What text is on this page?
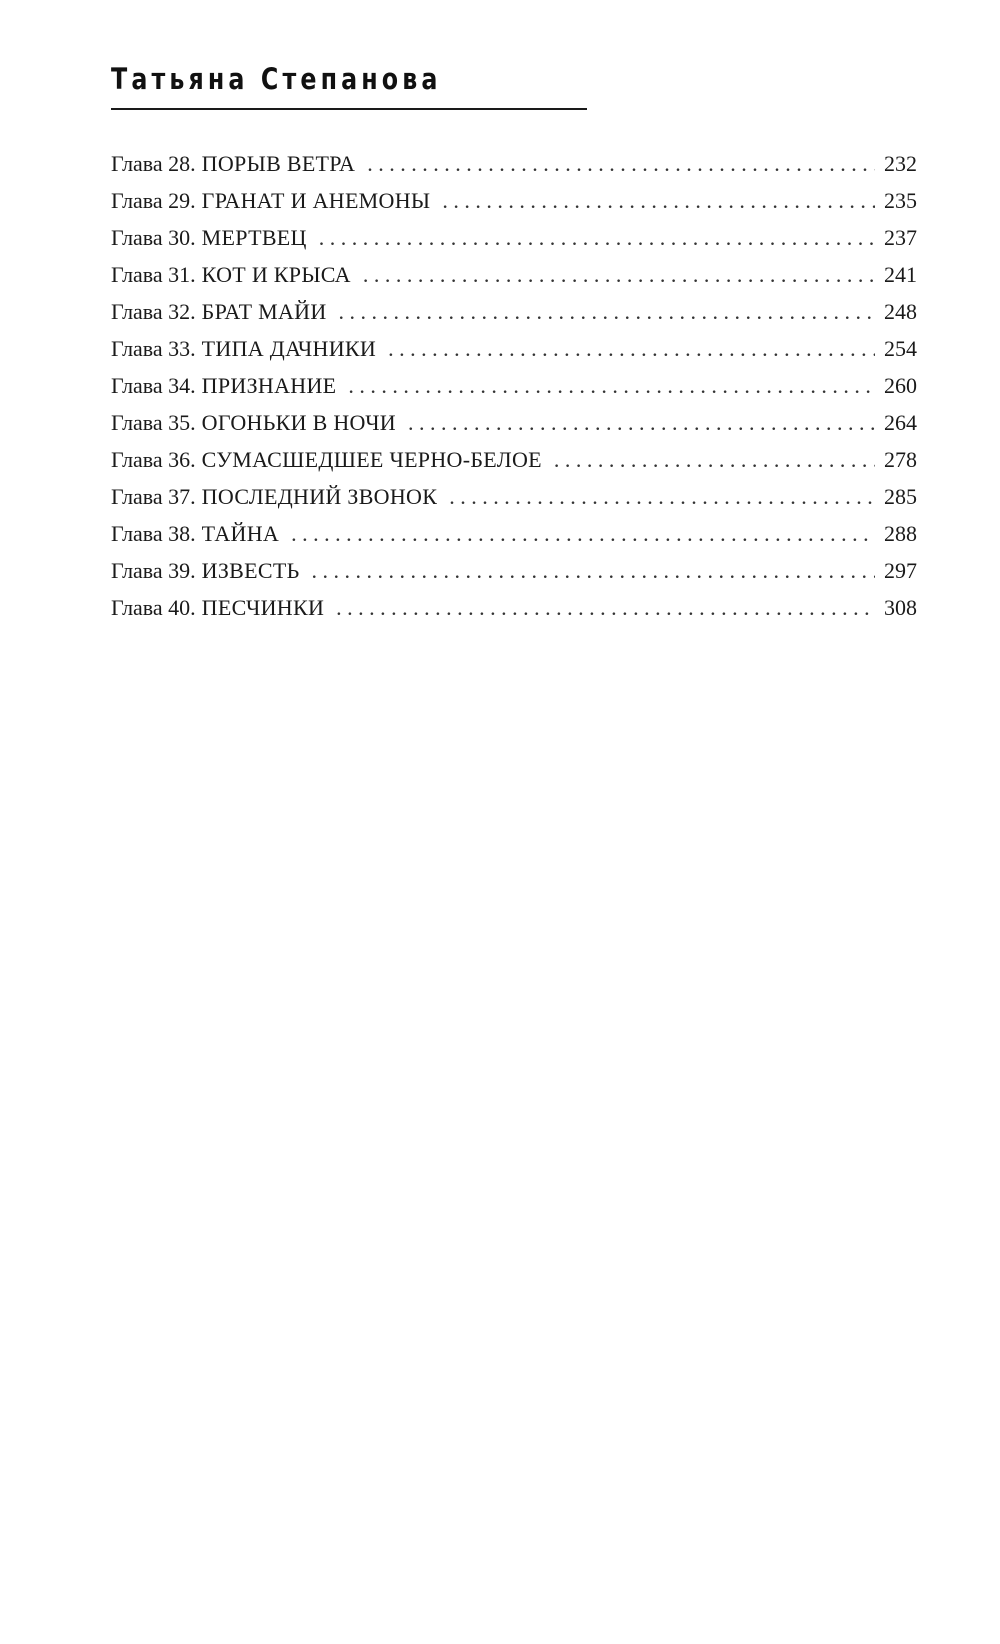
Татьяна Степанова
Глава 28. ПОРЫВ ВЕТРА . . .	232
Глава 29. ГРАНАТ И АНЕМОНЫ . . .	235
Глава 30. МЕРТВЕЦ . . .	237
Глава 31. КОТ И КРЫСА . . .	241
Глава 32. БРАТ МАЙИ . . .	248
Глава 33. ТИПА ДАЧНИКИ . . .	254
Глава 34. ПРИЗНАНИЕ . . .	260
Глава 35. ОГОНЬКИ В НОЧИ . . .	264
Глава 36. СУМАСШЕДШЕЕ ЧЕРНО-БЕЛОЕ . . .	278
Глава 37. ПОСЛЕДНИЙ ЗВОНОК . . .	285
Глава 38. ТАЙНА . . .	288
Глава 39. ИЗВЕСТЬ . . .	297
Глава 40. ПЕСЧИНКИ . . .	308
